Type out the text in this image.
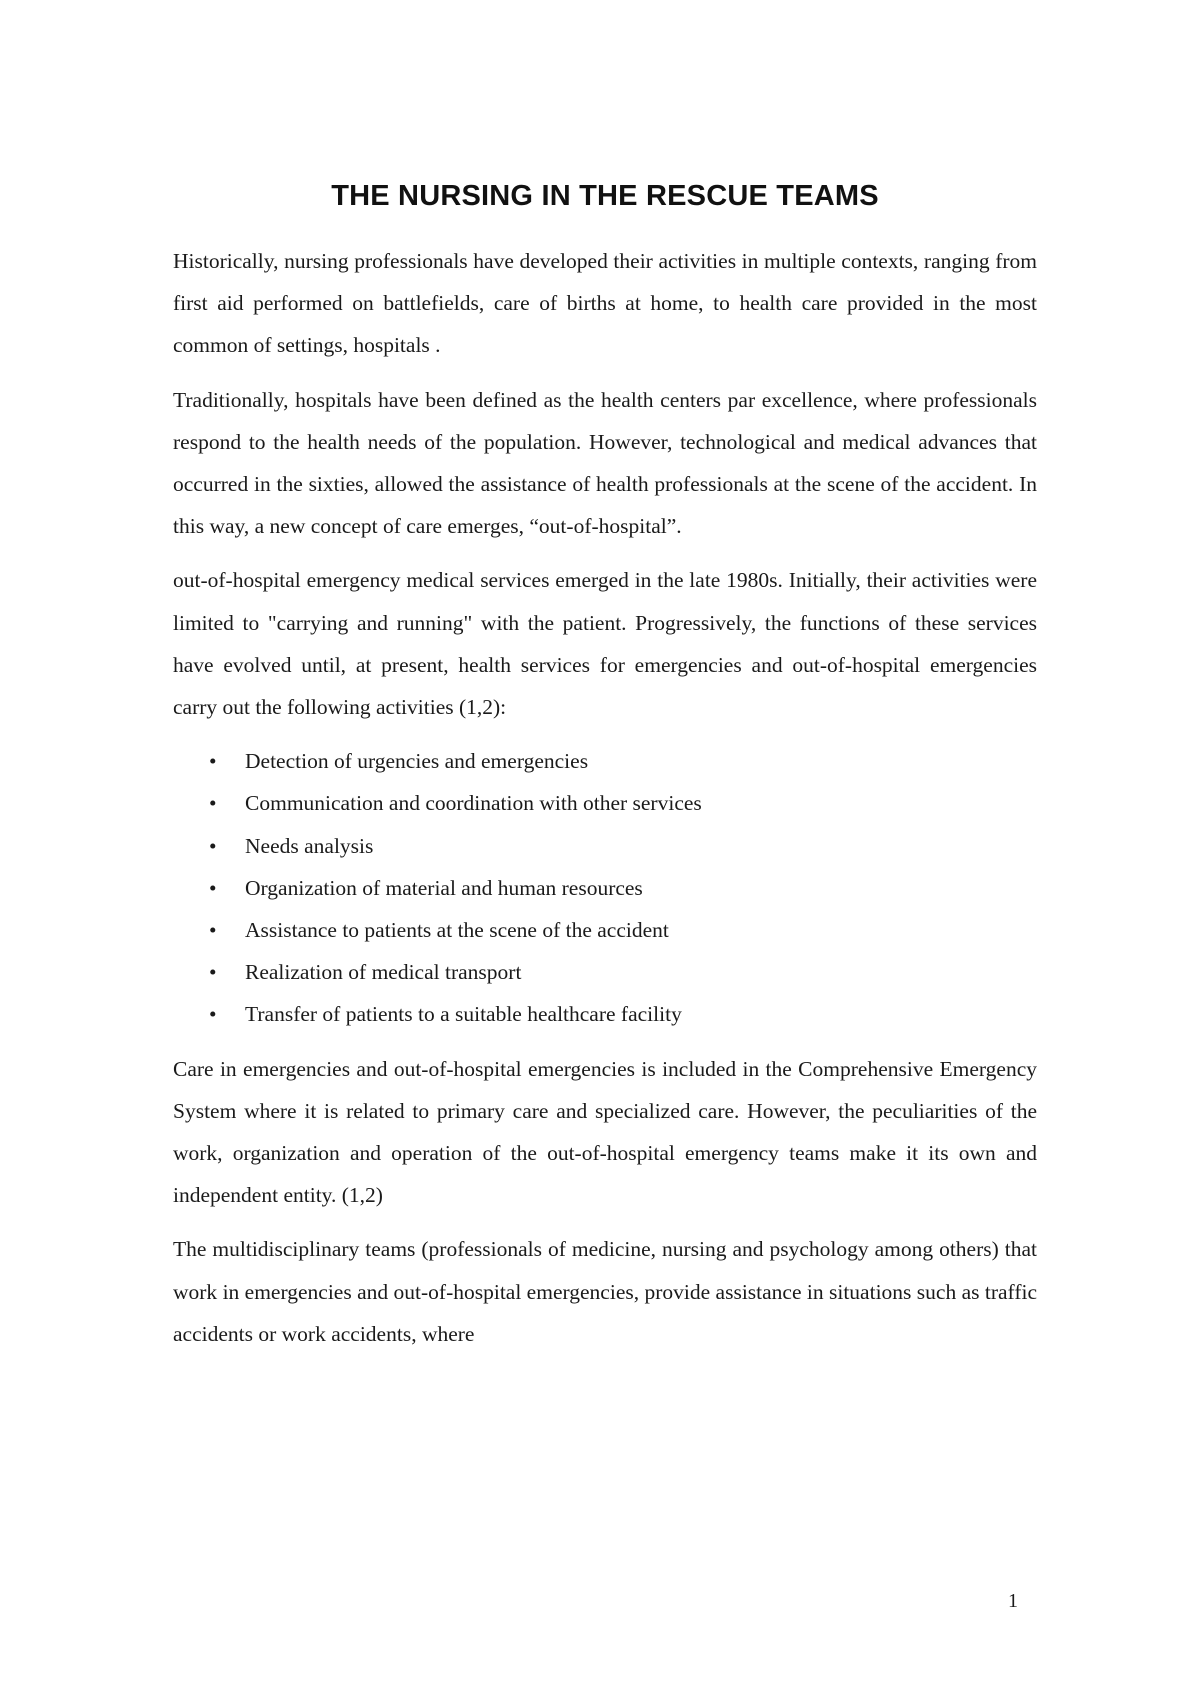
THE NURSING IN THE RESCUE TEAMS

Historically, nursing professionals have developed their activities in multiple contexts, ranging from first aid performed on battlefields, care of births at home, to health care provided in the most common of settings, hospitals .

Traditionally, hospitals have been defined as the health centers par excellence, where professionals respond to the health needs of the population. However, technological and medical advances that occurred in the sixties, allowed the assistance of health professionals at the scene of the accident. In this way, a new concept of care emerges, “out-of-hospital”.

out-of-hospital emergency medical services emerged in the late 1980s. Initially, their activities were limited to "carrying and running" with the patient. Progressively, the functions of these services have evolved until, at present, health services for emergencies and out-of-hospital emergencies carry out the following activities (1,2):

• Detection of urgencies and emergencies
• Communication and coordination with other services
• Needs analysis
• Organization of material and human resources
• Assistance to patients at the scene of the accident
• Realization of medical transport
• Transfer of patients to a suitable healthcare facility

Care in emergencies and out-of-hospital emergencies is included in the Comprehensive Emergency System where it is related to primary care and specialized care. However, the peculiarities of the work, organization and operation of the out-of-hospital emergency teams make it its own and independent entity. (1,2)

The multidisciplinary teams (professionals of medicine, nursing and psychology among others) that work in emergencies and out-of-hospital emergencies, provide assistance in situations such as traffic accidents or work accidents, where

1
